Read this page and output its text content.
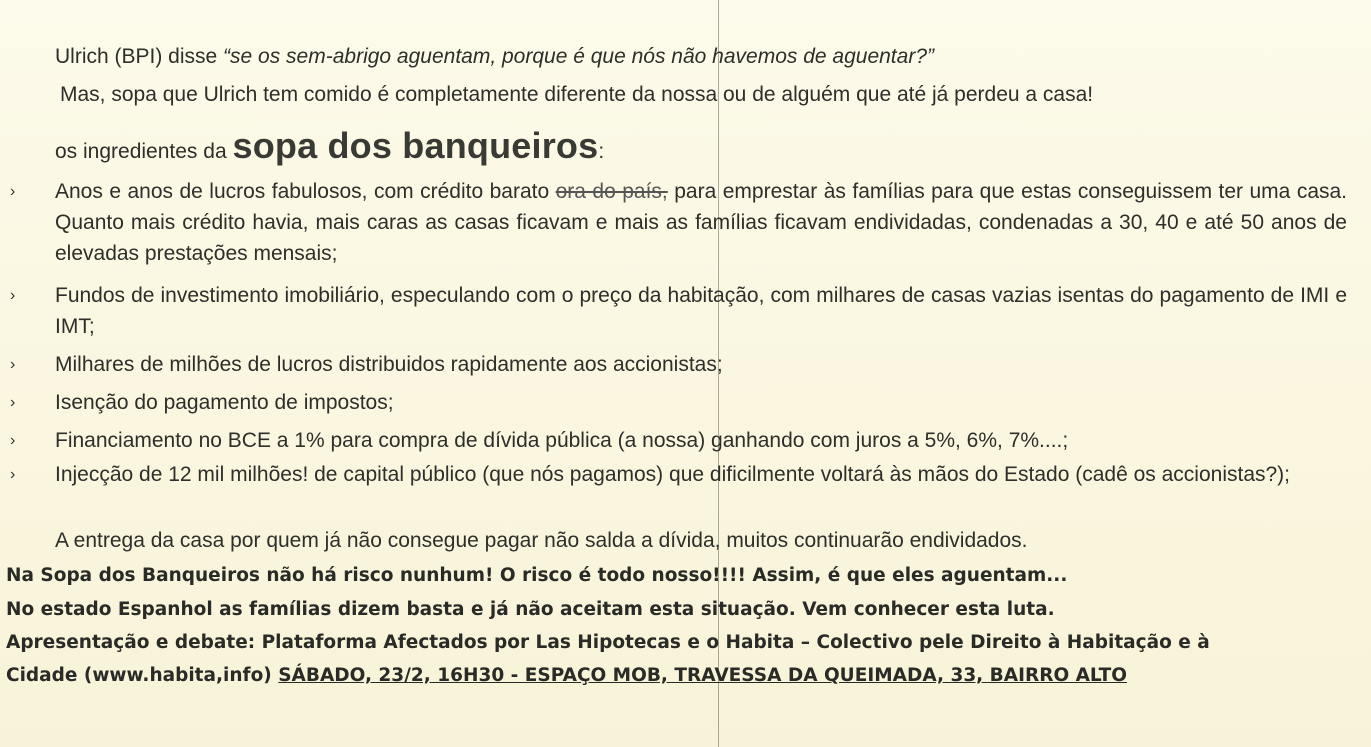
Ulrich (BPI) disse “se os sem-abrigo aguentam, porque é que nós não havemos de aguentar?”
Mas, sopa que Ulrich tem comido é completamente diferente da nossa ou de alguém que até já perdeu a casa!
os ingredientes da sopa dos banqueiros:
› Anos e anos de lucros fabulosos, com crédito barato ora do país, para emprestar às famílias para que estas conseguissem ter uma casa. Quanto mais crédito havia, mais caras as casas ficavam e mais as famílias ficavam endividadas, condenadas a 30, 40 e até 50 anos de elevadas prestações mensais;
› Fundos de investimento imobiliário, especulando com o preço da habitação, com milhares de casas vazias isentas do pagamento de IMI e IMT;
› Milhares de milhões de lucros distribuidos rapidamente aos accionistas;
› Isenção do pagamento de impostos;
› Financiamento no BCE a 1% para compra de dívida pública (a nossa) ganhando com juros a 5%, 6%, 7%....;
› Injecção de 12 mil milhões! de capital público (que nós pagamos) que dificilmente voltará às mãos do Estado (cadê os accionistas?);
A entrega da casa por quem já não consegue pagar não salda a dívida, muitos continuarão endividados.
Na Sopa dos Banqueiros não há risco nunhum! O risco é todo nosso!!!! Assim, é que eles aguentam...
No estado Espanhol as famílias dizem basta e já não aceitam esta situação. Vem conhecer esta luta.
Apresentação e debate: Plataforma Afectados por Las Hipotecas e o Habita – Colectivo pele Direito à Habitação e à
Cidade (www.habita,info) SÁBADO, 23/2, 16H30 - ESPAÇO MOB, TRAVESSA DA QUEIMADA, 33, BAIRRO ALTO
